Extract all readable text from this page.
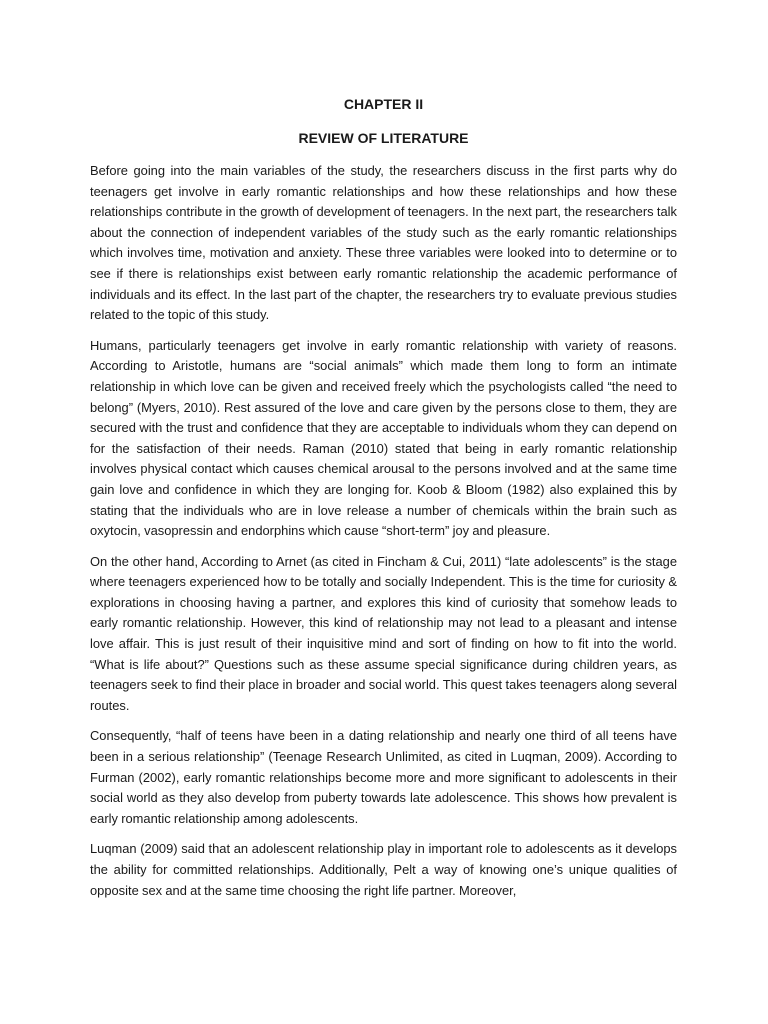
CHAPTER II
REVIEW OF LITERATURE

Before going into the main variables of the study, the researchers discuss in the first parts why do teenagers get involve in early romantic relationships and how these relationships and how these relationships contribute in the growth of development of teenagers. In the next part, the researchers talk about the connection of independent variables of the study such as the early romantic relationships which involves time, motivation and anxiety. These three variables were looked into to determine or to see if there is relationships exist between early romantic relationship the academic performance of individuals and its effect. In the last part of the chapter, the researchers try to evaluate previous studies related to the topic of this study.

Humans, particularly teenagers get involve in early romantic relationship with variety of reasons. According to Aristotle, humans are “social animals” which made them long to form an intimate relationship in which love can be given and received freely which the psychologists called “the need to belong” (Myers, 2010). Rest assured of the love and care given by the persons close to them, they are secured with the trust and confidence that they are acceptable to individuals whom they can depend on for the satisfaction of their needs. Raman (2010) stated that being in early romantic relationship involves physical contact which causes chemical arousal to the persons involved and at the same time gain love and confidence in which they are longing for. Koob & Bloom (1982) also explained this by stating that the individuals who are in love release a number of chemicals within the brain such as oxytocin, vasopressin and endorphins which cause “short-term” joy and pleasure.

On the other hand, According to Arnet (as cited in Fincham & Cui, 2011) “late adolescents” is the stage where teenagers experienced how to be totally and socially Independent. This is the time for curiosity & explorations in choosing having a partner, and explores this kind of curiosity that somehow leads to early romantic relationship. However, this kind of relationship may not lead to a pleasant and intense love affair. This is just result of their inquisitive mind and sort of finding on how to fit into the world. “What is life about?” Questions such as these assume special significance during children years, as teenagers seek to find their place in broader and social world. This quest takes teenagers along several routes.

Consequently, “half of teens have been in a dating relationship and nearly one third of all teens have been in a serious relationship” (Teenage Research Unlimited, as cited in Luqman, 2009). According to Furman (2002), early romantic relationships become more and more significant to adolescents in their social world as they also develop from puberty towards late adolescence. This shows how prevalent is early romantic relationship among adolescents.

Luqman (2009) said that an adolescent relationship play in important role to adolescents as it develops the ability for committed relationships. Additionally, Pelt a way of knowing one’s unique qualities of opposite sex and at the same time choosing the right life partner. Moreover,
